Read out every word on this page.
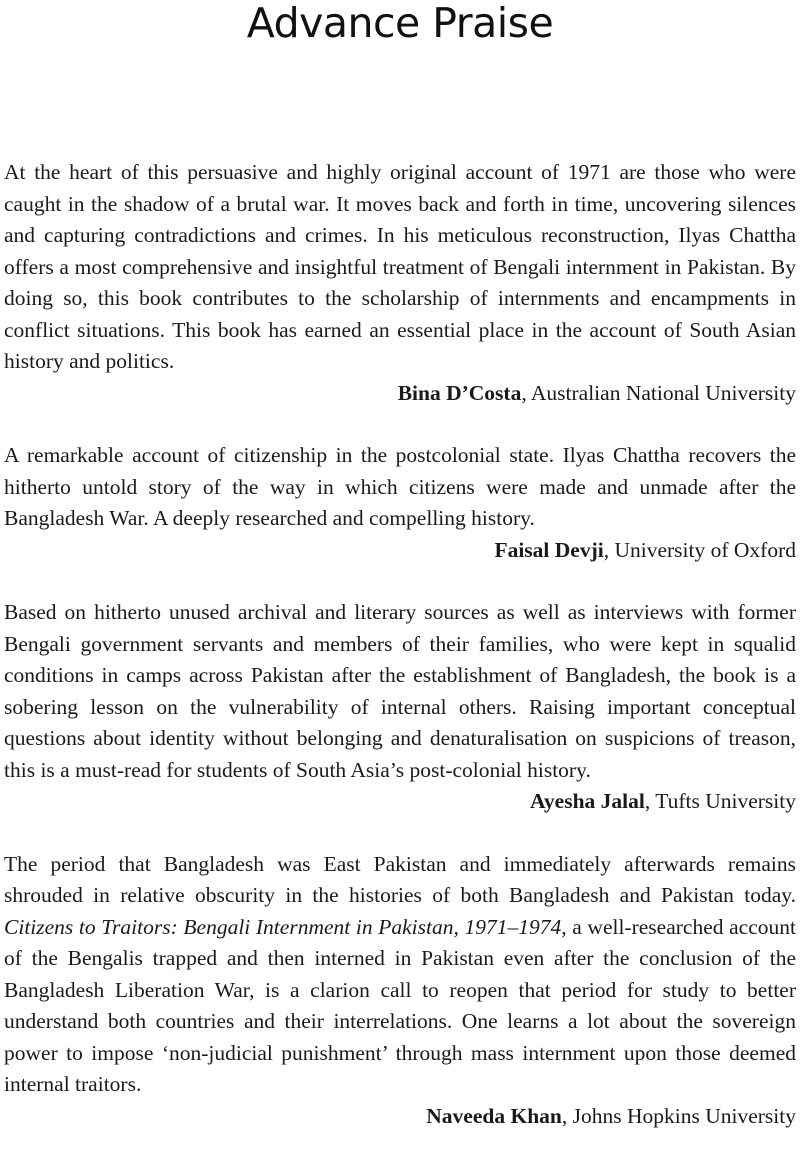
Advance Praise

At the heart of this persuasive and highly original account of 1971 are those who were caught in the shadow of a brutal war. It moves back and forth in time, uncovering silences and capturing contradictions and crimes. In his meticulous reconstruction, Ilyas Chattha offers a most comprehensive and insightful treatment of Bengali internment in Pakistan. By doing so, this book contributes to the scholarship of internments and encampments in conflict situations. This book has earned an essential place in the account of South Asian history and politics.

Bina D’Costa, Australian National University

A remarkable account of citizenship in the postcolonial state. Ilyas Chattha recovers the hitherto untold story of the way in which citizens were made and unmade after the Bangladesh War. A deeply researched and compelling history.

Faisal Devji, University of Oxford

Based on hitherto unused archival and literary sources as well as interviews with former Bengali government servants and members of their families, who were kept in squalid conditions in camps across Pakistan after the establishment of Bangladesh, the book is a sobering lesson on the vulnerability of internal others. Raising important conceptual questions about identity without belonging and denaturalisation on suspicions of treason, this is a must-read for students of South Asia’s post-colonial history.

Ayesha Jalal, Tufts University

The period that Bangladesh was East Pakistan and immediately afterwards remains shrouded in relative obscurity in the histories of both Bangladesh and Pakistan today. Citizens to Traitors: Bengali Internment in Pakistan, 1971–1974, a well-researched account of the Bengalis trapped and then interned in Pakistan even after the conclusion of the Bangladesh Liberation War, is a clarion call to reopen that period for study to better understand both countries and their interrelations. One learns a lot about the sovereign power to impose ‘non-judicial punishment’ through mass internment upon those deemed internal traitors.

Naveeda Khan, Johns Hopkins University
